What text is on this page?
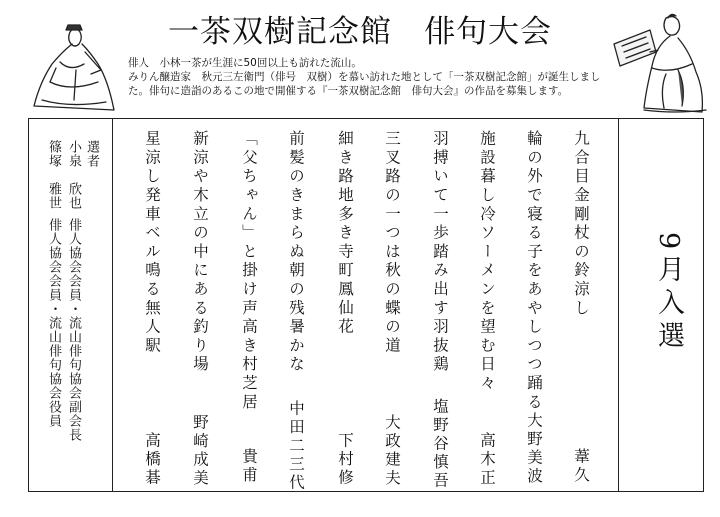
一茶双樹記念館　俳句大会
俳人　小林一茶が生涯に50回以上も訪れた流山。
みりん醸造家　秋元三左衛門（俳号　双樹）を慕い訪れた地として「一茶双樹記念館」が誕生しまし
た。俳句に造詣のあるこの地で開催する『一茶双樹記念館　俳句大会』の作品を募集します。
9月入選
九合目金剛杖の鈴涼し
葦久
輪の外で寝る子をあやしつつ踊る
大野美波
施設暮し冷ソーメンを望む日々
高木正
羽搏いて一歩踏み出す羽抜鶏
塩野谷慎吾
三叉路の一つは秋の蝶の道
大政建夫
細き路地多き寺町鳳仙花
下村修
前髪のきまらぬ朝の残暑かな
中田二三代
「父ちゃん」と掛け声高き村芝居
貴甫
新涼や木立の中にある釣り場
野崎成美
星涼し発車ベル鳴る無人駅
高橋碁
選者
小泉　欣也
俳人協会会員・流山俳句協会副会長
篠塚　雅世
俳人協会会員・流山俳句協会役員
